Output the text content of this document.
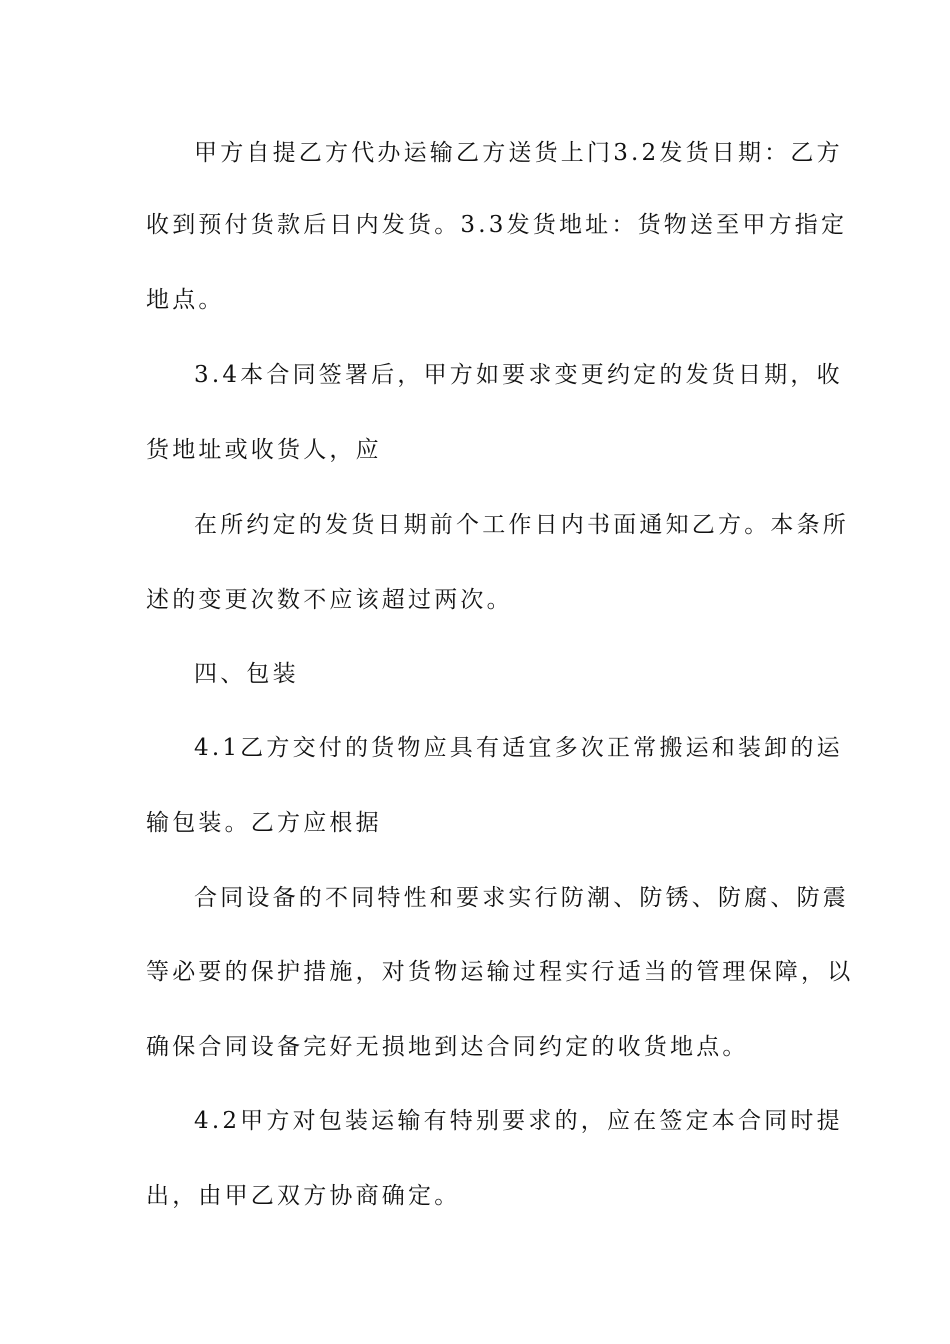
甲方自提乙方代办运输乙方送货上门3.2发货日期：乙方
收到预付货款后日内发货。3.3发货地址：货物送至甲方指定
地点。
3.4本合同签署后，甲方如要求变更约定的发货日期，收
货地址或收货人，应
在所约定的发货日期前个工作日内书面通知乙方。本条所
述的变更次数不应该超过两次。
四、包装
4.1乙方交付的货物应具有适宜多次正常搬运和装卸的运
输包装。乙方应根据
合同设备的不同特性和要求实行防潮、防锈、防腐、防震
等必要的保护措施，对货物运输过程实行适当的管理保障，以
确保合同设备完好无损地到达合同约定的收货地点。
4.2甲方对包装运输有特别要求的，应在签定本合同时提
出，由甲乙双方协商确定。
